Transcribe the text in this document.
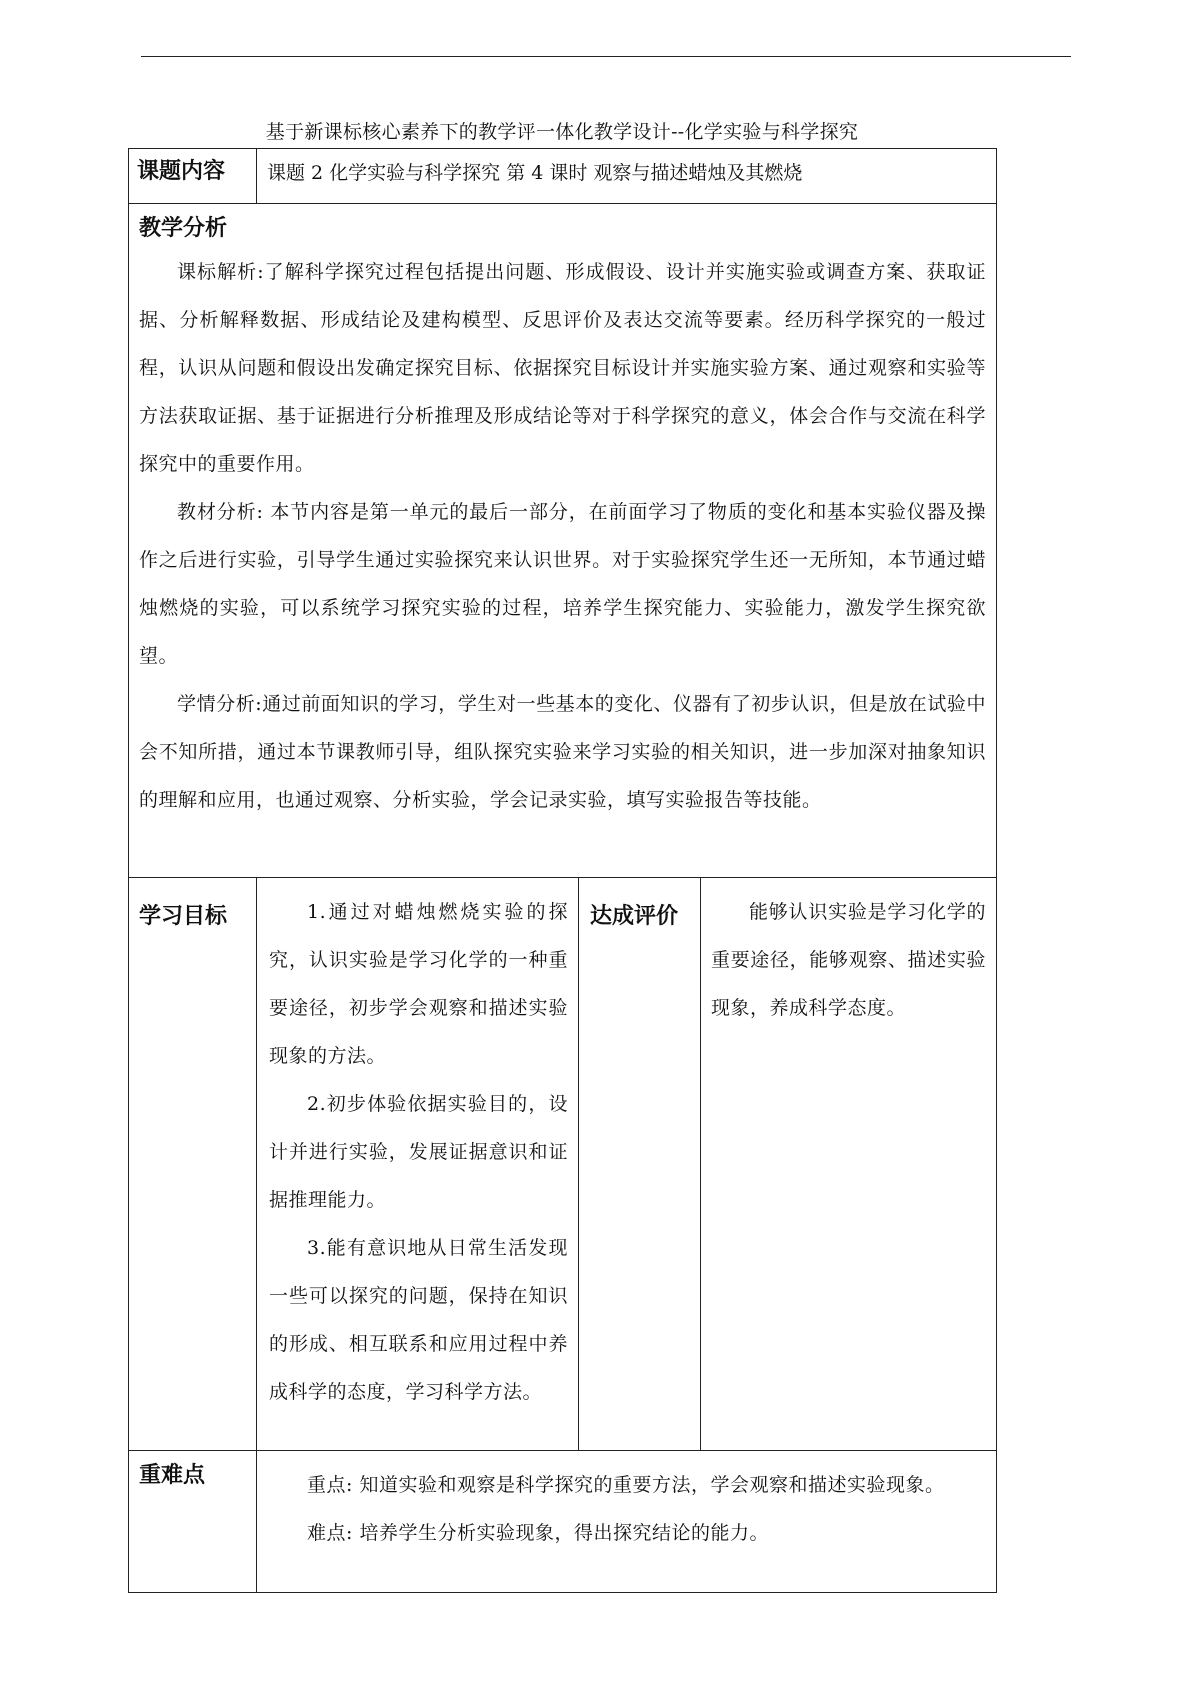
基于新课标核心素养下的教学评一体化教学设计--化学实验与科学探究
课题内容	课题 2 化学实验与科学探究 第 4 课时 观察与描述蜡烛及其燃烧		

教学分析

课标解析:了解科学探究过程包括提出问题、形成假设、设计并实施实验或调查方案、获取证据、分析解释数据、形成结论及建构模型、反思评价及表达交流等要素。经历科学探究的一般过程，认识从问题和假设出发确定探究目标、依据探究目标设计并实施实验方案、通过观察和实验等方法获取证据、基于证据进行分析推理及形成结论等对于科学探究的意义，体会合作与交流在科学探究中的重要作用。

教材分析: 本节内容是第一单元的最后一部分，在前面学习了物质的变化和基本实验仪器及操作之后进行实验，引导学生通过实验探究来认识世界。对于实验探究学生还一无所知，本节通过蜡烛燃烧的实验，可以系统学习探究实验的过程，培养学生探究能力、实验能力，激发学生探究欲望。

学情分析:通过前面知识的学习，学生对一些基本的变化、仪器有了初步认识，但是放在试验中会不知所措，通过本节课教师引导，组队探究实验来学习实验的相关知识，进一步加深对抽象知识的理解和应用，也通过观察、分析实验，学会记录实验，填写实验报告等技能。			

学习目标	1.通过对蜡烛燃烧实验的探究，认识实验是学习化学的一种重要途径，初步学会观察和描述实验现象的方法。

2.初步体验依据实验目的，设计并进行实验，发展证据意识和证据推理能力。

3.能有意识地从日常生活发现一些可以探究的问题，保持在知识的形成、相互联系和应用过程中养成科学的态度，学习科学方法。	达成评价	能够认识实验是学习化学的重要途径，能够观察、描述实验现象，养成科学态度。

重难点	重点: 知道实验和观察是科学探究的重要方法，学会观察和描述实验现象。

难点: 培养学生分析实验现象，得出探究结论的能力。		
